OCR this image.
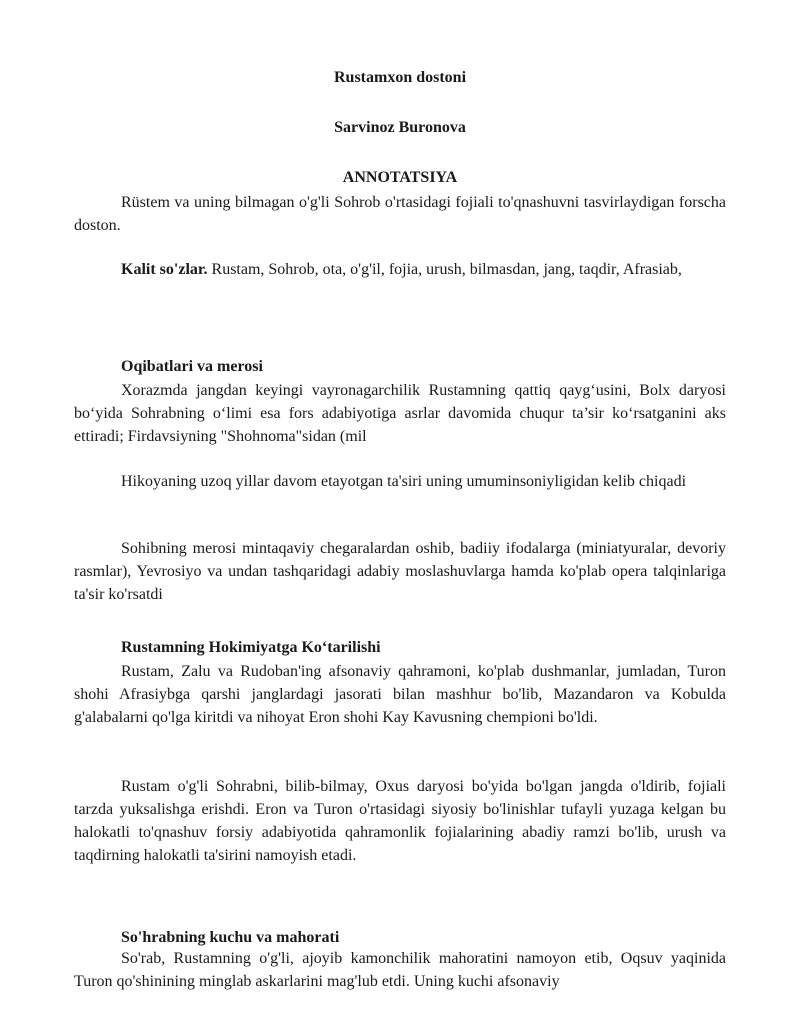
Rustamxon dostoni
Sarvinoz Buronova
ANNOTATSIYA
Rüstem va uning bilmagan o'g'li Sohrob o'rtasidagi fojiali to'qnashuvni tasvirlaydigan forscha doston.
Kalit so'zlar. Rustam, Sohrob, ota, o'g'il, fojia, urush, bilmasdan, jang, taqdir, Afrasiab,
Oqibatlari va merosi
Xorazmda jangdan keyingi vayronagarchilik Rustamning qattiq qayg‘usini, Bolx daryosi bo‘yida Sohrabning o‘limi esa fors adabiyotiga asrlar davomida chuqur ta’sir ko‘rsatganini aks ettiradi; Firdavsiyning "Shohnoma"sidan (mil
Hikoyaning uzoq yillar davom etayotgan ta'siri uning umuminsoniyligidan kelib chiqadi
Sohibning merosi mintaqaviy chegaralardan oshib, badiiy ifodalarga (miniatyuralar, devoriy rasmlar), Yevrosiyo va undan tashqaridagi adabiy moslashuvlarga hamda ko'plab opera talqinlariga ta'sir ko'rsatdi
Rustamning Hokimiyatga Ko‘tarilishi
Rustam, Zalu va Rudoban'ing afsonaviy qahramoni, ko'plab dushmanlar, jumladan, Turon shohi Afrasiybga qarshi janglardagi jasorati bilan mashhur bo'lib, Mazandaron va Kobulda g'alabalarni qo'lga kiritdi va nihoyat Eron shohi Kay Kavusning chempioni bo'ldi.
Rustam o'g'li Sohrabni, bilib-bilmay, Oxus daryosi bo'yida bo'lgan jangda o'ldirib, fojiali tarzda yuksalishga erishdi. Eron va Turon o'rtasidagi siyosiy bo'linishlar tufayli yuzaga kelgan bu halokatli to'qnashuv forsiy adabiyotida qahramonlik fojialarining abadiy ramzi bo'lib, urush va taqdirning halokatli ta'sirini namoyish etadi.
So'hrabning kuchu va mahorati
So'rab, Rustamning o'g'li, ajoyib kamonchilik mahoratini namoyon etib, Oqsuv yaqinida Turon qo'shinining minglab askarlarini mag'lub etdi. Uning kuchi afsonaviy
